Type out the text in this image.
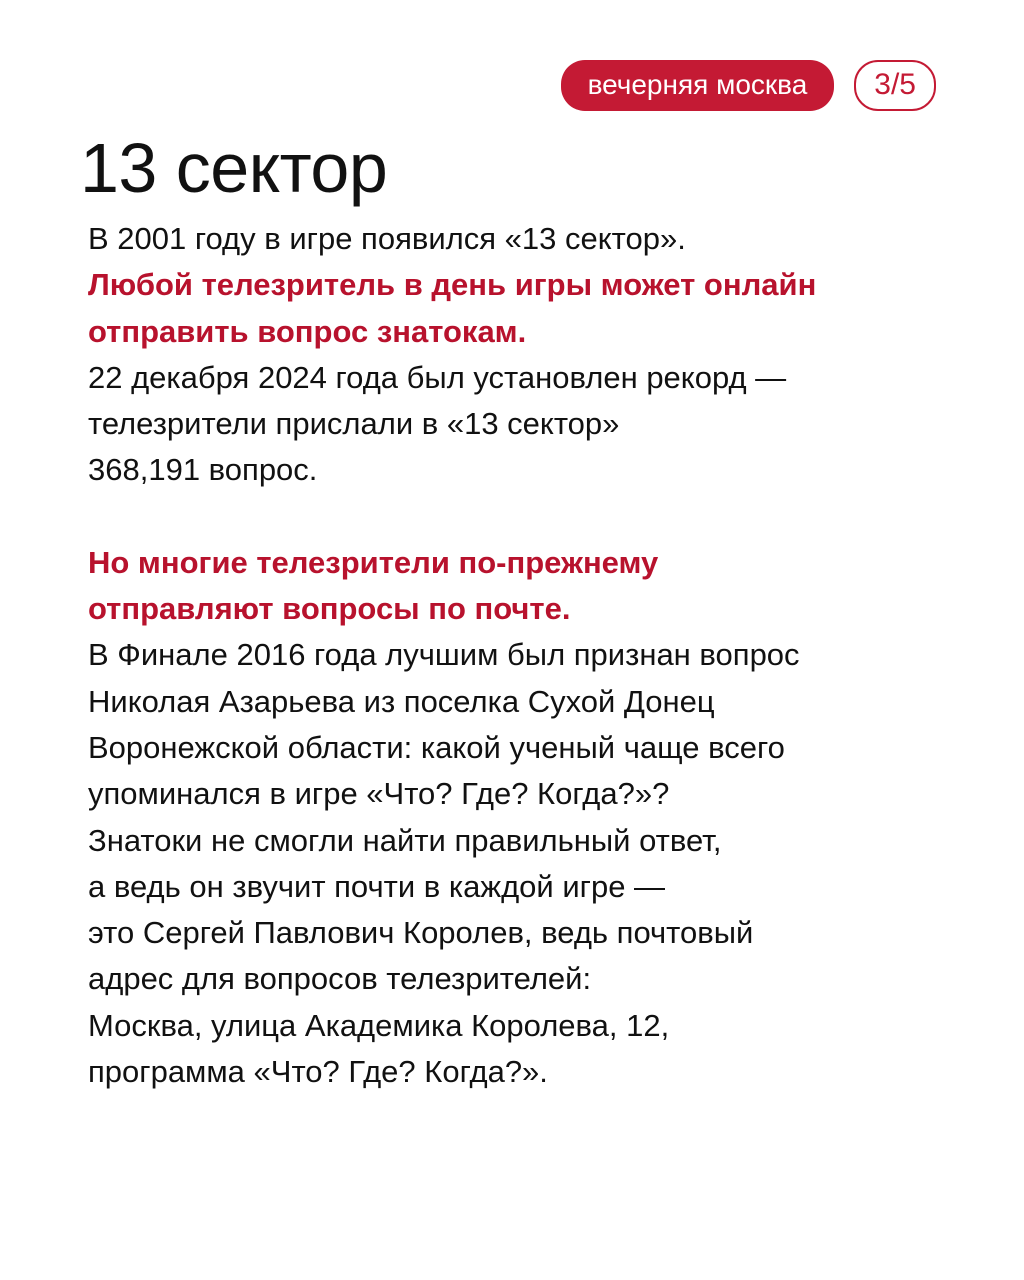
вечерняя москва	3/5
13 сектор
В 2001 году в игре появился «13 сектор».
Любой телезритель в день игры может онлайн
отправить вопрос знатокам.
22 декабря 2024 года был установлен рекорд —
телезрители прислали в «13 сектор»
368,191 вопрос.
Но многие телезрители по-прежнему
отправляют вопросы по почте.
В Финале 2016 года лучшим был признан вопрос
Николая Азарьева из поселка Сухой Донец
Воронежской области: какой ученый чаще всего
упоминался в игре «Что? Где? Когда?»?
Знатоки не смогли найти правильный ответ,
а ведь он звучит почти в каждой игре —
это Сергей Павлович Королев, ведь почтовый
адрес для вопросов телезрителей:
Москва, улица Академика Королева, 12,
программа «Что? Где? Когда?».
